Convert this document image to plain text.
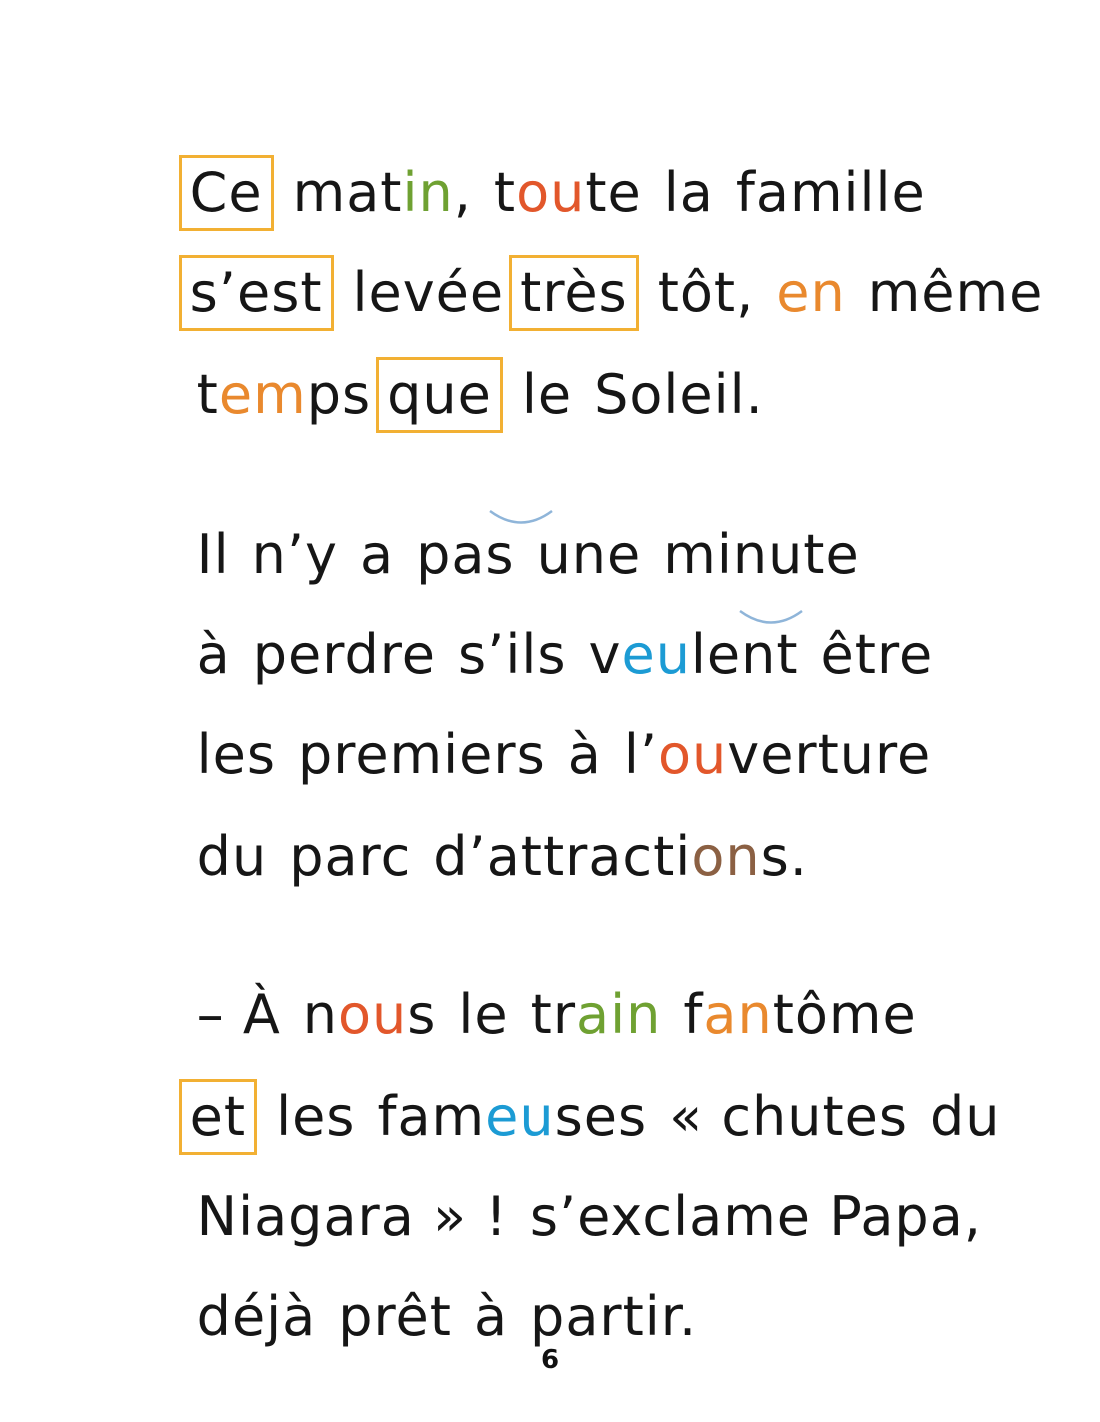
Ce matin, toute la famille

s’est levée très tôt, en même

temps que le Soleil.

Il n’y a pas une minute

à perdre s’ils veulent être

les premiers à l’ouverture

du parc d’attractions.

– À nous le train fantôme

et les fameuses « chutes du

Niagara » ! s’exclame Papa,

déjà prêt à partir.

6
